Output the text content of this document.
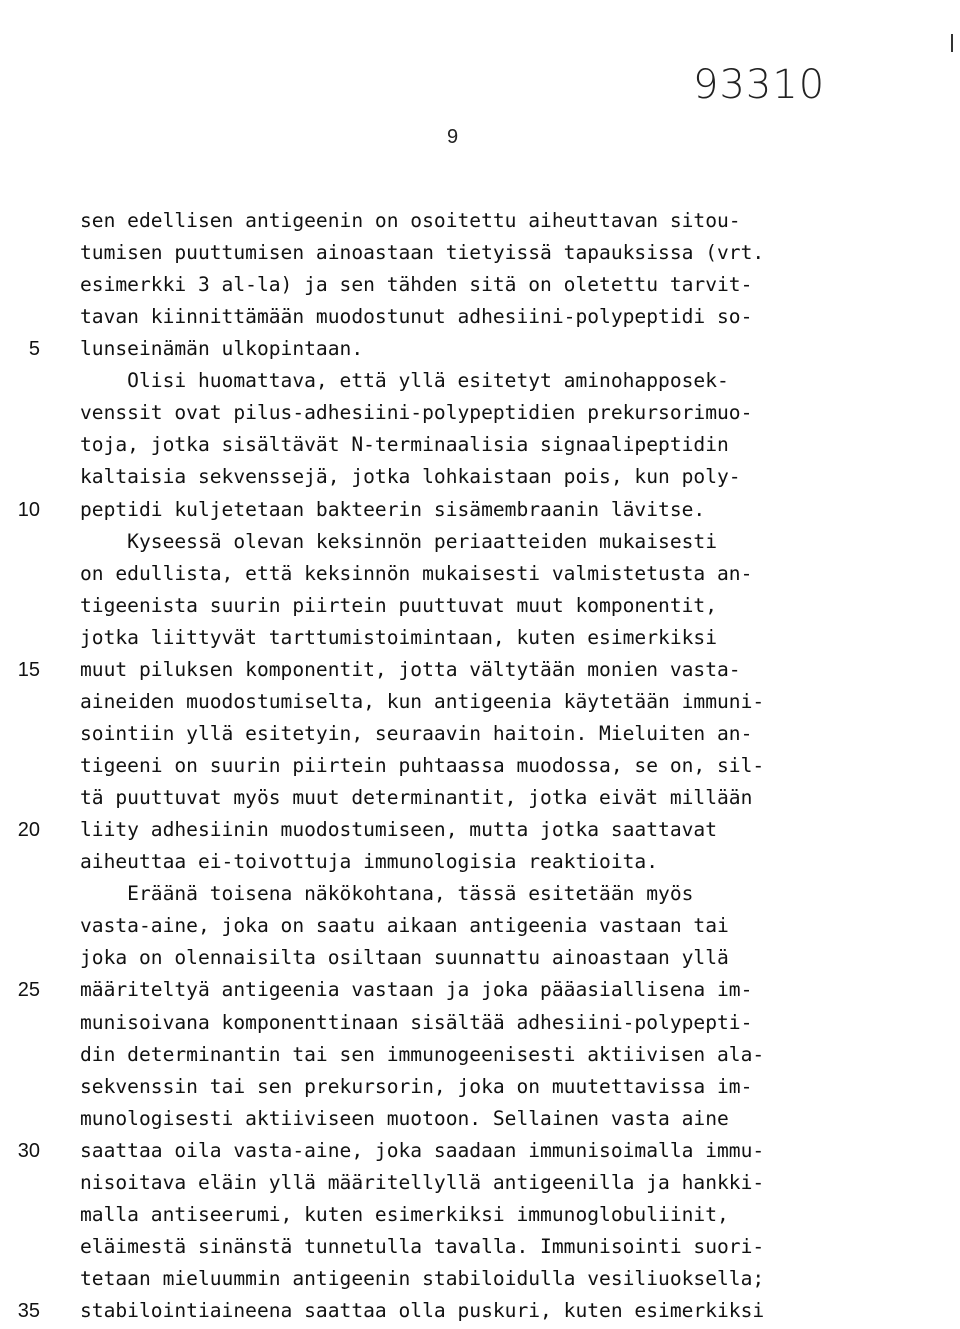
93310
9
sen edellisen antigeenin on osoitettu aiheuttavan sitou-
tumisen puuttumisen ainoastaan tietyissä tapauksissa (vrt.
esimerkki 3 al-la) ja sen tähden sitä on oletettu tarvit-
tavan kiinnittämään muodostunut adhesiini-polypeptidi so-
5 lunseinämän ulkopintaan.
Olisi huomattava, että yllä esitetyt aminohapposek-
venssit ovat pilus-adhesiini-polypeptidien prekursorimuo-
toja, jotka sisältävät N-terminaalisia signaalipeptidin
kaltaisia sekvenssejä, jotka lohkaistaan pois, kun poly-
10 peptidi kuljetetaan bakteerin sisämembraanin lävitse.
Kyseessä olevan keksinnön periaatteiden mukaisesti
on edullista, että keksinnön mukaisesti valmistetusta an-
tigeenista suurin piirtein puuttuvat muut komponentit,
jotka liittyvät tarttumistoimintaan, kuten esimerkiksi
15 muut piluksen komponentit, jotta vältytään monien vasta-
aineiden muodostumiselta, kun antigeenia käytetään immuni-
sointiin yllä esitetyin, seuraavin haitoin. Mieluiten an-
tigeeni on suurin piirtein puhtaassa muodossa, se on, sil-
tä puuttuvat myös muut determinantit, jotka eivät millään
20 liity adhesiinin muodostumiseen, mutta jotka saattavat
aiheuttaa ei-toivottuja immunologisia reaktioita.
Eräänä toisena näkökohtana, tässä esitetään myös
vasta-aine, joka on saatu aikaan antigeenia vastaan tai
joka on olennaisilta osiltaan suunnattu ainoastaan yllä
25 määriteltyä antigeenia vastaan ja joka pääasiallisena im-
munisoivana komponenttinaan sisältää adhesiini-polypepti-
din determinantin tai sen immunogeenisesti aktiivisen ala-
sekvenssin tai sen prekursorin, joka on muutettavissa im-
munologisesti aktiiviseen muotoon. Sellainen vasta aine
30 saattaa oila vasta-aine, joka saadaan immunisoimalla immu-
nisoitava eläin yllä määritellyllä antigeenilla ja hankki-
malla antiseerumi, kuten esimerkiksi immunoglobuliinit,
eläimestä sinänstä tunnetulla tavalla. Immunisointi suori-
tetaan mieluummin antigeenin stabiloidulla vesiliuoksella;
35 stabilointiaineena saattaa olla puskuri, kuten esimerkiksi
